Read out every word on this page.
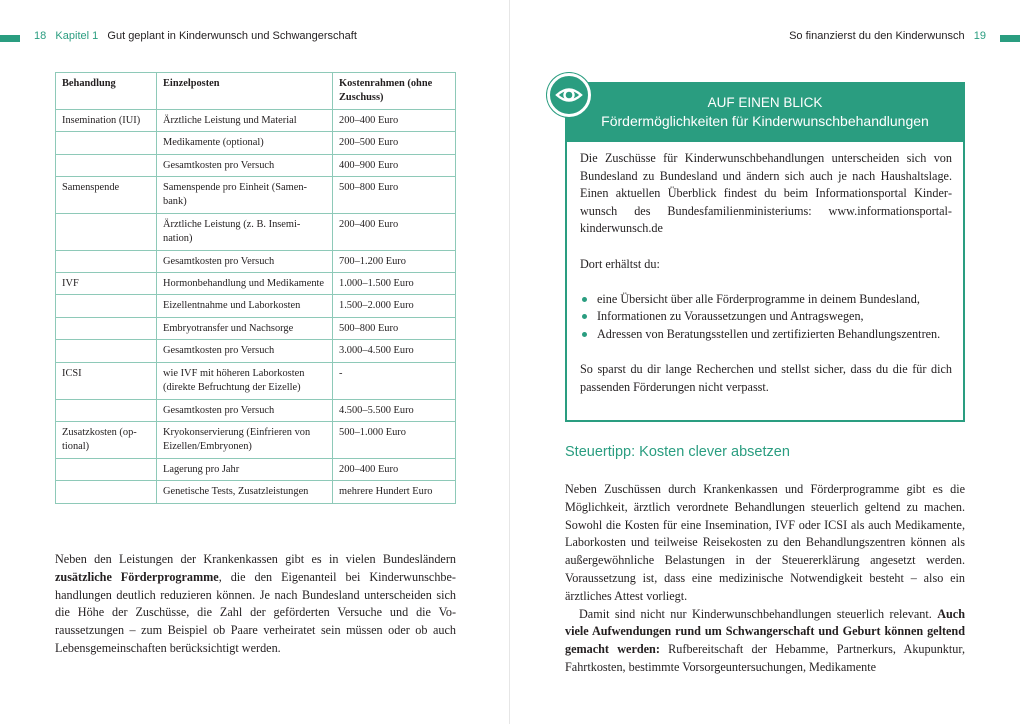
18 Kapitel 1 Gut geplant in Kinderwunsch und Schwangerschaft
Behandlung	Einzelposten	Kostenrahmen (ohne Zuschuss)
Insemination (IUI)	Ärztliche Leistung und Material	200–400 Euro
	Medikamente (optional)	200–500 Euro
	Gesamtkosten pro Versuch	400–900 Euro
Samenspende	Samenspende pro Einheit (Samenbank)	500–800 Euro
	Ärztliche Leistung (z. B. Insemination)	200–400 Euro
	Gesamtkosten pro Versuch	700–1.200 Euro
IVF	Hormonbehandlung und Medikamente	1.000–1.500 Euro
	Eizellentnahme und Laborkosten	1.500–2.000 Euro
	Embryotransfer und Nachsorge	500–800 Euro
	Gesamtkosten pro Versuch	3.000–4.500 Euro
ICSI	wie IVF mit höheren Laborkosten (direkte Befruchtung der Eizelle)	-
	Gesamtkosten pro Versuch	4.500–5.500 Euro
Zusatzkosten (optional)	Kryokonservierung (Einfrieren von Eizellen/Embryonen)	500–1.000 Euro
	Lagerung pro Jahr	200–400 Euro
	Genetische Tests, Zusatzleistungen	mehrere Hundert Euro

Neben den Leistungen der Krankenkassen gibt es in vielen Bundesländern zusätzliche Förderprogramme, die den Eigenanteil bei Kinderwunschbehandlungen deutlich reduzieren können. Je nach Bundesland unterscheiden sich die Höhe der Zuschüsse, die Zahl der geförderten Versuche und die Voraussetzungen – zum Beispiel ob Paare verheiratet sein müssen oder ob auch Lebensgemeinschaften berücksichtigt werden.

So finanzierst du den Kinderwunsch 19
AUF EINEN BLICK
Fördermöglichkeiten für Kinderwunschbehandlungen

Die Zuschüsse für Kinderwunschbehandlungen unterscheiden sich von Bundesland zu Bundesland und ändern sich auch je nach Haushaltslage. Einen aktuellen Überblick findest du beim Informationsportal Kinderwunsch des Bundesfamilienministeriums: www.informationsportal-kinderwunsch.de

Dort erhältst du:

eine Übersicht über alle Förderprogramme in deinem Bundesland,
Informationen zu Voraussetzungen und Antragswegen,
Adressen von Beratungsstellen und zertifizierten Behandlungszentren.

So sparst du dir lange Recherchen und stellst sicher, dass du die für dich passenden Förderungen nicht verpasst.

Steuertipp: Kosten clever absetzen

Neben Zuschüssen durch Krankenkassen und Förderprogramme gibt es die Möglichkeit, ärztlich verordnete Behandlungen steuerlich geltend zu machen. Sowohl die Kosten für eine Insemination, IVF oder ICSI als auch Medikamente, Laborkosten und teilweise Reisekosten zu den Behandlungszentren können als außergewöhnliche Belastungen in der Steuererklärung angesetzt werden. Voraussetzung ist, dass eine medizinische Notwendigkeit besteht – also ein ärztliches Attest vorliegt.

Damit sind nicht nur Kinderwunschbehandlungen steuerlich relevant. Auch viele Aufwendungen rund um Schwangerschaft und Geburt können geltend gemacht werden: Rufbereitschaft der Hebamme, Partnerkurs, Akupunktur, Fahrtkosten, bestimmte Vorsorgeuntersuchungen, Medikamente
